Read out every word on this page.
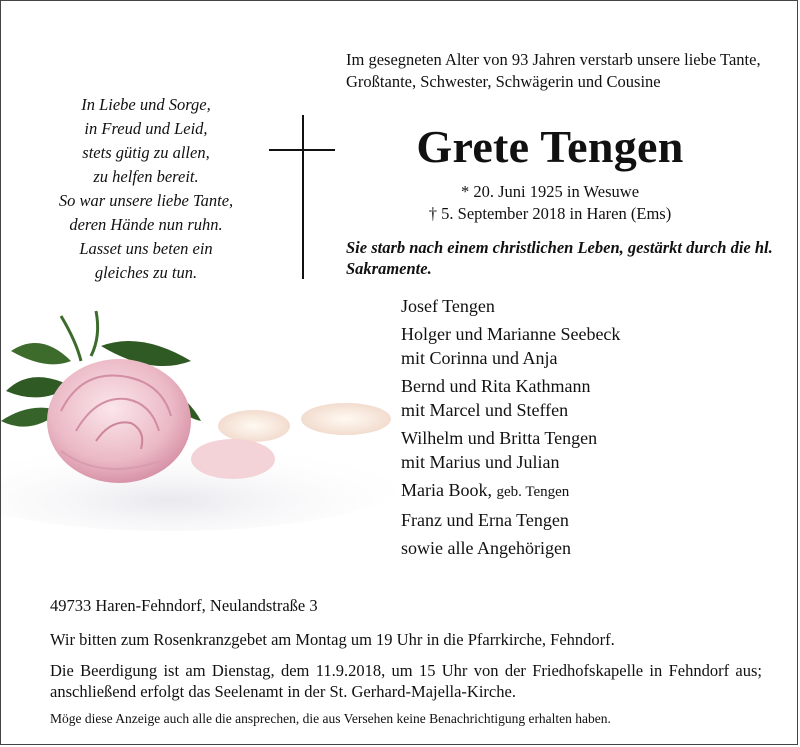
In Liebe und Sorge,
in Freud und Leid,
stets gütig zu allen,
zu helfen bereit.
So war unsere liebe Tante,
deren Hände nun ruhn.
Lasset uns beten ein
gleiches zu tun.
Im gesegneten Alter von 93 Jahren verstarb unsere liebe Tante, Großtante, Schwester, Schwägerin und Cousine
Grete Tengen
* 20. Juni 1925 in Wesuwe
† 5. September 2018 in Haren (Ems)
Sie starb nach einem christlichen Leben, gestärkt durch die hl. Sakramente.
Josef Tengen
Holger und Marianne Seebeck
mit Corinna und Anja
Bernd und Rita Kathmann
mit Marcel und Steffen
Wilhelm und Britta Tengen
mit Marius und Julian
Maria Book, geb. Tengen
Franz und Erna Tengen
sowie alle Angehörigen
49733 Haren-Fehndorf, Neulandstraße 3
Wir bitten zum Rosenkranzgebet am Montag um 19 Uhr in die Pfarrkirche, Fehndorf.
Die Beerdigung ist am Dienstag, dem 11.9.2018, um 15 Uhr von der Friedhofskapelle in Fehndorf aus; anschließend erfolgt das Seelenamt in der St. Gerhard-Majella-Kirche.
Möge diese Anzeige auch alle die ansprechen, die aus Versehen keine Benachrichtigung erhalten haben.
